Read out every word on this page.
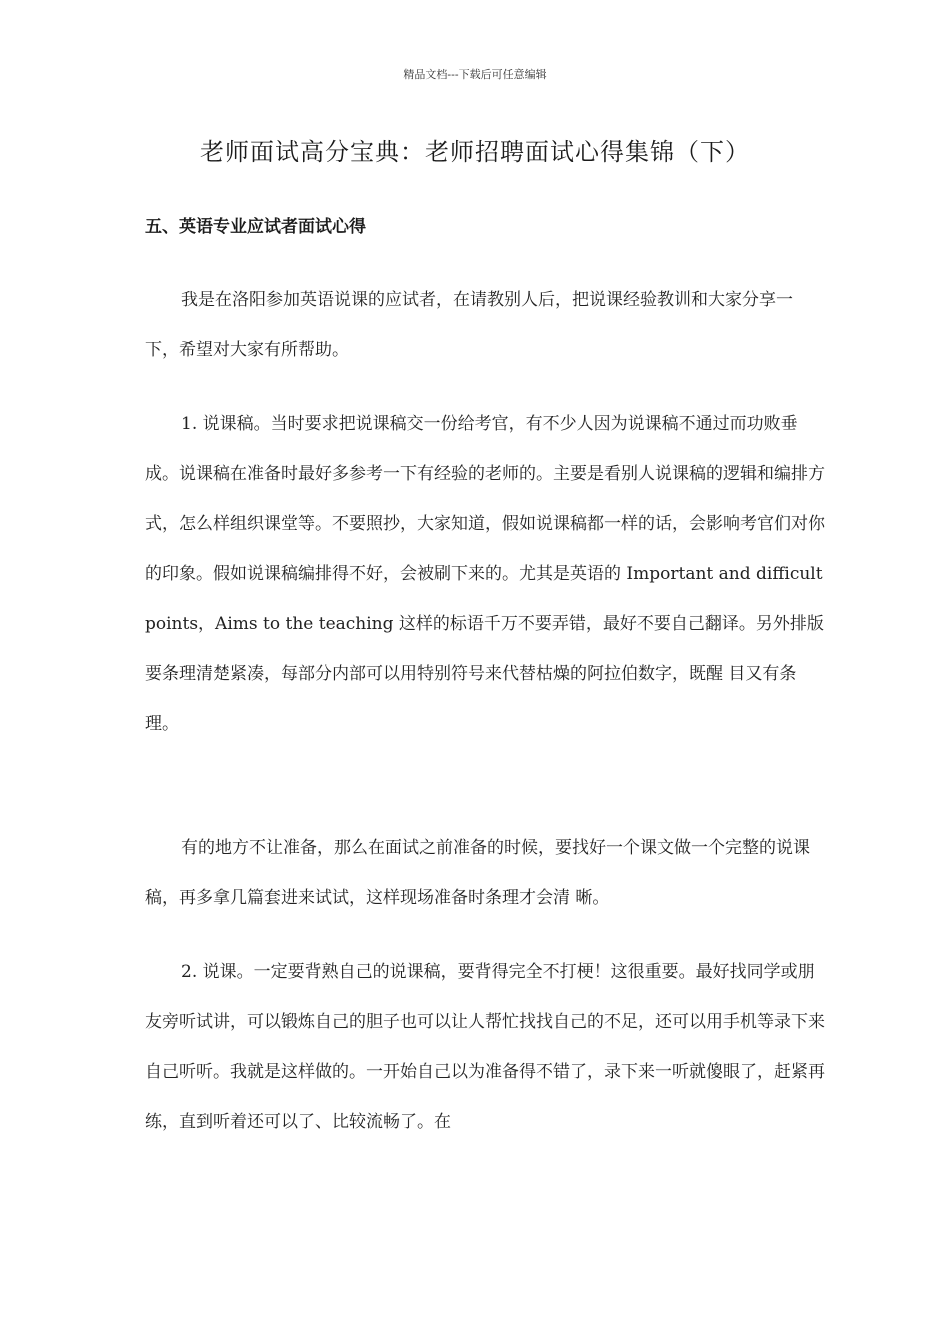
精品文档---下载后可任意编辑
老师面试高分宝典：老师招聘面试心得集锦（下）
五、英语专业应试者面试心得

我是在洛阳参加英语说课的应试者，在请教别人后，把说课经验教训和大家分享一下，希望对大家有所帮助。

1. 说课稿。当时要求把说课稿交一份给考官，有不少人因为说课稿不通过而功败垂成。说课稿在准备时最好多参考一下有经验的老师的。主要是看别人说课稿的逻辑和编排方式，怎么样组织课堂等。不要照抄，大家知道，假如说课稿都一样的话，会影响考官们对你的印象。假如说课稿编排得不好，会被刷下来的。尤其是英语的 Important and difficult points，Aims to the teaching 这样的标语千万不要弄错，最好不要自己翻译。另外排版要条理清楚紧凑，每部分内部可以用特别符号来代替枯燥的阿拉伯数字，既醒 目又有条理。

有的地方不让准备，那么在面试之前准备的时候，要找好一个课文做一个完整的说课稿，再多拿几篇套进来试试，这样现场准备时条理才会清 晰。

2. 说课。一定要背熟自己的说课稿，要背得完全不打梗！这很重要。最好找同学或朋友旁听试讲，可以锻炼自己的胆子也可以让人帮忙找找自己的不足，还可以用手机等录下来自己听听。我就是这样做的。一开始自己以为准备得不错了，录下来一听就傻眼了，赶紧再练，直到听着还可以了、比较流畅了。在
